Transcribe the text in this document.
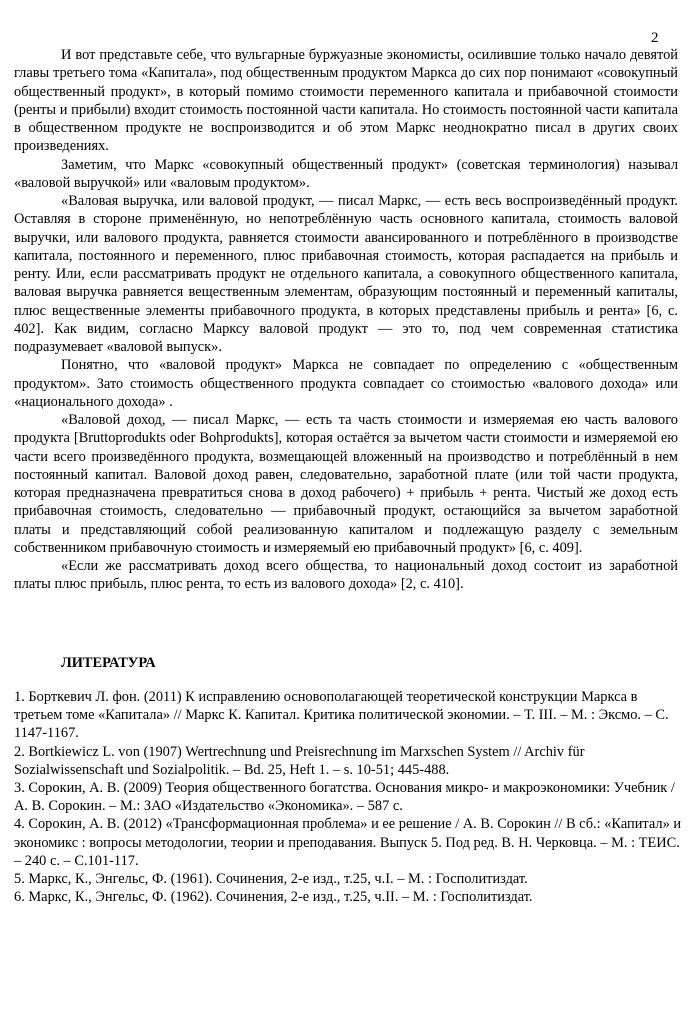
2

И вот представьте себе, что вульгарные буржуазные экономисты, осилившие только начало девятой главы третьего тома «Капитала», под общественным продуктом Маркса до сих пор понимают «совокупный общественный продукт», в который помимо стоимости переменного капитала и прибавочной стоимости (ренты и прибыли) входит стоимость постоянной части капитала. Но стоимость постоянной части капитала в общественном продукте не воспроизводится и об этом Маркс неоднократно писал в других своих произведениях.

Заметим, что Маркс «совокупный общественный продукт» (советская терминология) называл «валовой выручкой» или «валовым продуктом».

«Валовая выручка, или валовой продукт, — писал Маркс, — есть весь воспроизведённый продукт. Оставляя в стороне применённую, но непотреблённую часть основного капитала, стоимость валовой выручки, или валового продукта, равняется стоимости авансированного и потреблённого в производстве капитала, постоянного и переменного, плюс прибавочная стоимость, которая распадается на прибыль и ренту. Или, если рассматривать продукт не отдельного капитала, а совокупного общественного капитала, валовая выручка равняется вещественным элементам, образующим постоянный и переменный капиталы, плюс вещественные элементы прибавочного продукта, в которых представлены прибыль и рента» [6, с. 402]. Как видим, согласно Марксу валовой продукт — это то, под чем современная статистика подразумевает «валовой выпуск».

Понятно, что «валовой продукт» Маркса не совпадает по определению с «общественным продуктом». Зато стоимость общественного продукта совпадает со стоимостью «валового дохода» или «национального дохода» .

«Валовой доход, — писал Маркс, — есть та часть стоимости и измеряемая ею часть валового продукта [Bruttoprodukts oder Bohprodukts], которая остаётся за вычетом части стоимости и измеряемой ею части всего произведённого продукта, возмещающей вложенный на производство и потреблённый в нем постоянный капитал. Валовой доход равен, следовательно, заработной плате (или той части продукта, которая предназначена превратиться снова в доход рабочего) + прибыль + рента. Чистый же доход есть прибавочная стоимость, следовательно — прибавочный продукт, остающийся за вычетом заработной платы и представляющий собой реализованную капиталом и подлежащую разделу с земельным собственником прибавочную стоимость и измеряемый ею прибавочный продукт» [6, с. 409].

«Если же рассматривать доход всего общества, то национальный доход состоит из заработной платы плюс прибыль, плюс рента, то есть из валового дохода» [2, с. 410].

ЛИТЕРАТУРА

1. Борткевич Л. фон. (2011) К исправлению основополагающей теоретической конструкции Маркса в третьем томе «Капитала» // Маркс К. Капитал. Критика политической экономии. – Т. III. – М. : Эксмо. – С. 1147-1167.

2. Bortkiewicz L. von (1907) Wertrechnung und Preisrechnung im Marxschen System // Archiv für Sozialwissenschaft und Sozialpolitik. – Bd. 25, Heft 1. – s. 10-51; 445-488.

3. Сорокин, А. В. (2009) Теория общественного богатства. Основания микро- и макроэкономики: Учебник / А. В. Сорокин. – М.: ЗАО «Издательство «Экономика». – 587 с.

4. Сорокин, А. В. (2012) «Трансформационная проблема» и ее решение / А. В. Сорокин // В сб.: «Капитал» и экономикс : вопросы методологии, теории и преподавания. Выпуск 5. Под ред. В. Н. Черковца. – М. : ТЕИС. – 240 с. – С.101-117.

5. Маркс, К., Энгельс, Ф. (1961). Сочинения, 2-е изд., т.25, ч.I. – М. : Госполитиздат.

6. Маркс, К., Энгельс, Ф. (1962). Сочинения, 2-е изд., т.25, ч.II. – М. : Госполитиздат.
